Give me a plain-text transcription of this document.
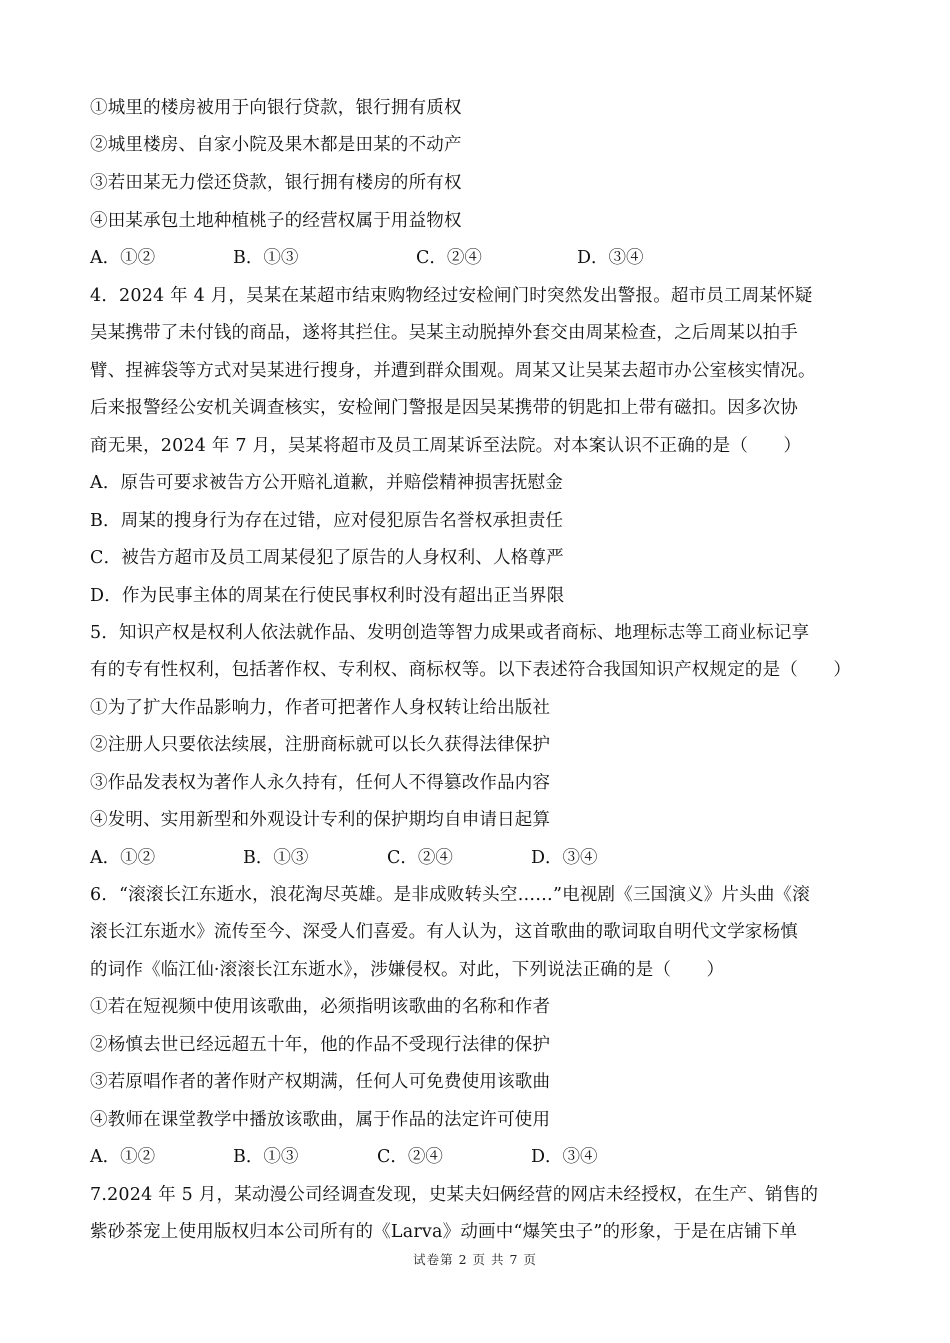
①城里的楼房被用于向银行贷款，银行拥有质权
②城里楼房、自家小院及果木都是田某的不动产
③若田某无力偿还贷款，银行拥有楼房的所有权
④田某承包土地种植桃子的经营权属于用益物权
A．①②	B．①③	C．②④	D．③④
4．2024 年 4 月，吴某在某超市结束购物经过安检闸门时突然发出警报。超市员工周某怀疑
吴某携带了未付钱的商品，遂将其拦住。吴某主动脱掉外套交由周某检查，之后周某以拍手
臂、捏裤袋等方式对吴某进行搜身，并遭到群众围观。周某又让吴某去超市办公室核实情况。
后来报警经公安机关调查核实，安检闸门警报是因吴某携带的钥匙扣上带有磁扣。因多次协
商无果，2024 年 7 月，吴某将超市及员工周某诉至法院。对本案认识不正确的是（　　）
A．原告可要求被告方公开赔礼道歉，并赔偿精神损害抚慰金
B．周某的搜身行为存在过错，应对侵犯原告名誉权承担责任
C．被告方超市及员工周某侵犯了原告的人身权利、人格尊严
D．作为民事主体的周某在行使民事权利时没有超出正当界限
5．知识产权是权利人依法就作品、发明创造等智力成果或者商标、地理标志等工商业标记享
有的专有性权利，包括著作权、专利权、商标权等。以下表述符合我国知识产权规定的是（　　）
①为了扩大作品影响力，作者可把著作人身权转让给出版社
②注册人只要依法续展，注册商标就可以长久获得法律保护
③作品发表权为著作人永久持有，任何人不得篡改作品内容
④发明、实用新型和外观设计专利的保护期均自申请日起算
A．①②	B．①③	C．②④	D．③④
6．“滚滚长江东逝水，浪花淘尽英雄。是非成败转头空……”电视剧《三国演义》片头曲《滚
滚长江东逝水》流传至今、深受人们喜爱。有人认为，这首歌曲的歌词取自明代文学家杨慎
的词作《临江仙·滚滚长江东逝水》，涉嫌侵权。对此，下列说法正确的是（　　）
①若在短视频中使用该歌曲，必须指明该歌曲的名称和作者
②杨慎去世已经远超五十年，他的作品不受现行法律的保护
③若原唱作者的著作财产权期满，任何人可免费使用该歌曲
④教师在课堂教学中播放该歌曲，属于作品的法定许可使用
A．①②	B．①③	C．②④	D．③④
7.2024 年 5 月，某动漫公司经调查发现，史某夫妇俩经营的网店未经授权，在生产、销售的
紫砂茶宠上使用版权归本公司所有的《Larva》动画中“爆笑虫子”的形象，于是在店铺下单
试卷第 2 页 共 7 页
